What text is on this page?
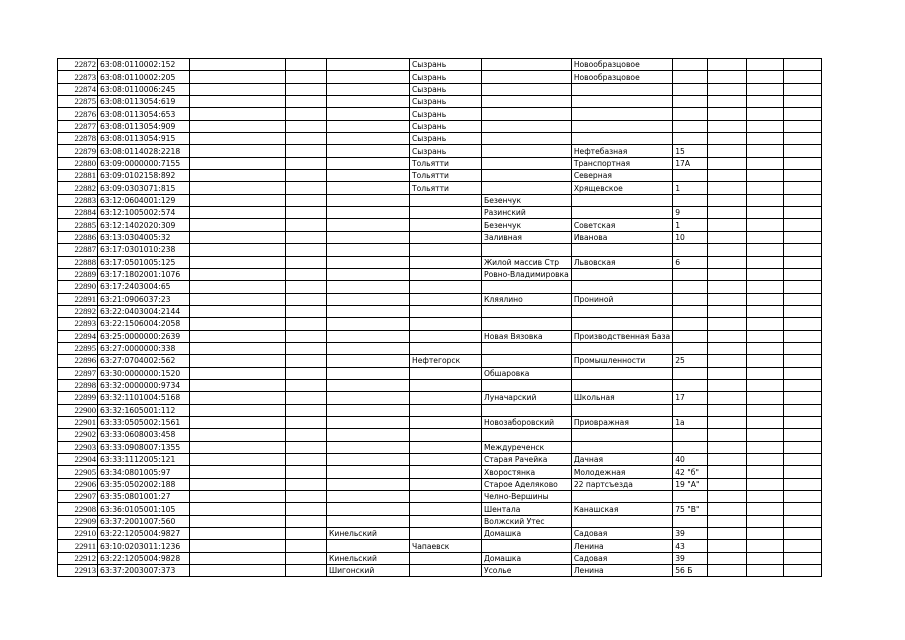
22872	63:08:0110002:152				Сызрань		Новообразцовое				
22873	63:08:0110002:205				Сызрань		Новообразцовое				
22874	63:08:0110006:245				Сызрань						
22875	63:08:0113054:619				Сызрань						
22876	63:08:0113054:653				Сызрань						
22877	63:08:0113054:909				Сызрань						
22878	63:08:0113054:915				Сызрань						
22879	63:08:0114028:2218				Сызрань		Нефтебазная	15			
22880	63:09:0000000:7155				Тольятти		Транспортная	17А			
22881	63:09:0102158:892				Тольятти		Северная				
22882	63:09:0303071:815				Тольятти		Хрящевское	1			
22883	63:12:0604001:129					Безенчук					
22884	63:12:1005002:574					Разинский		9			
22885	63:12:1402020:309					Безенчук	Советская	1			
22886	63:13:0304005:32					Заливная	Иванова	10			
22887	63:17:0301010:238										
22888	63:17:0501005:125					Жилой массив Стр	Львовская	6			
22889	63:17:1802001:1076					Ровно-Владимировка					
22890	63:17:2403004:65										
22891	63:21:0906037:23					Кляялино	Прониной				
22892	63:22:0403004:2144										
22893	63:22:1506004:2058										
22894	63:25:0000000:2639					Новая Вязовка	Производственная База				
22895	63:27:0000000:338										
22896	63:27:0704002:562				Нефтегорск		Промышленности	25			
22897	63:30:0000000:1520					Обшаровка					
22898	63:32:0000000:9734										
22899	63:32:1101004:5168					Луначарский	Школьная	17			
22900	63:32:1605001:112										
22901	63:33:0505002:1561					Новозаборовский	Приовражная	1а			
22902	63:33:0608003:458										
22903	63:33:0908007:1355					Междуреченск					
22904	63:33:1112005:121					Старая Рачейка	Дачная	40			
22905	63:34:0801005:97					Хворостянка	Молодежная	42 "б"			
22906	63:35:0502002:188					Старое Аделяково	22 партсъезда	19 "А"			
22907	63:35:0801001:27					Челно-Вершины					
22908	63:36:0105001:105					Шентала	Канашская	75 "В"			
22909	63:37:2001007:560					Волжский Утес					
22910	63:22:1205004:9827			Кинельский		Домашка	Садовая	39			
22911	63:10:0203011:1236				Чапаевск		Ленина	43			
22912	63:22:1205004:9828			Кинельский		Домашка	Садовая	39			
22913	63:37:2003007:373			Шигонский		Усолье	Ленина	56 Б			
